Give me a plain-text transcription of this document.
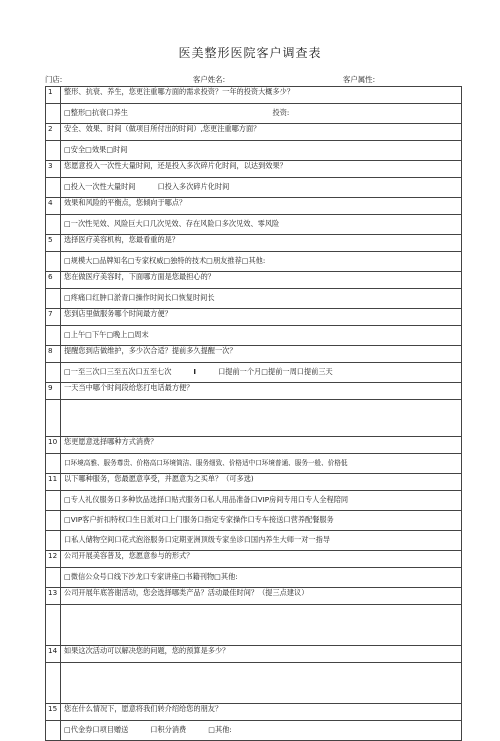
医美整形医院客户调查表
门店:	客户姓名:	客户属性:
1	整形、抗衰、养生，您更注重哪方面的需求投资？一年的投资大概多少？
	□整形□抗衰口养生 投资:
2	安全、效果、时间（做项目所付出的时间）,您更注重哪方面？
	□安全□效果□时间
3	您愿意投入一次性大量时间，还是投入多次碎片化时间，以达到效果？
	□投入一次性大量时间 口投入多次碎片化时间
4	效果和风险的平衡点，您倾向于哪点？
	□一次性见效、风险巨大口几次见效、存在风险口多次见效、零风险
5	选择医疗美容机构，您最看重的是？
	□规模大□品牌知名□专家权威□独特的技术□朋友推荐□其他:
6	您在做医疗美容时，下面哪方面是您最担心的？
	□疼痛口红肿口淤青口操作时间长口恢复时间长
7	您到店里做服务哪个时间最方便？
	□上午□下午□晚上□周末
8	提醒您到店做维护，多少次合适？提前多久提醒一次？
	□一至三次口三至五次口五至七次 I 口提前一个月□提前一周口提前三天
9	一天当中哪个时间段给您打电话最方便？

10	您更愿意选择哪种方式消费？
	口环境高雅、服务尊贵、价格高口环境简洁、服务细致、价格适中口环境普通、服务一般、价格低
11	以下哪种服务，您最愿意享受，并愿意为之买单？（可多选)
	□专人礼仪服务口多种饮品选择口贴式服务口私人用品准备口VIP房间专用口专人全程陪同
	□VIP客户折扣特权口生日派对口上门服务口指定专家操作口专车接送口营养配餐服务
	口私人储物空间口花式泡浴服务口定期亚洲顶级专家坐诊口国内养生大师一对一指导
12	公司开展美容普及，您愿意参与的形式？
	□微信公众号口线下沙龙口专家讲座□书籍刊物□其他:
13	公司开展年底答谢活动，您会选择哪类产品？活动最佳时间？（提三点建议）

14	如果这次活动可以解决您的问题，您的预算是多少？

15	您在什么情况下，愿意将我们转介绍给您的朋友？
	□代金券口项目赠送 口积分消费 □其他:
